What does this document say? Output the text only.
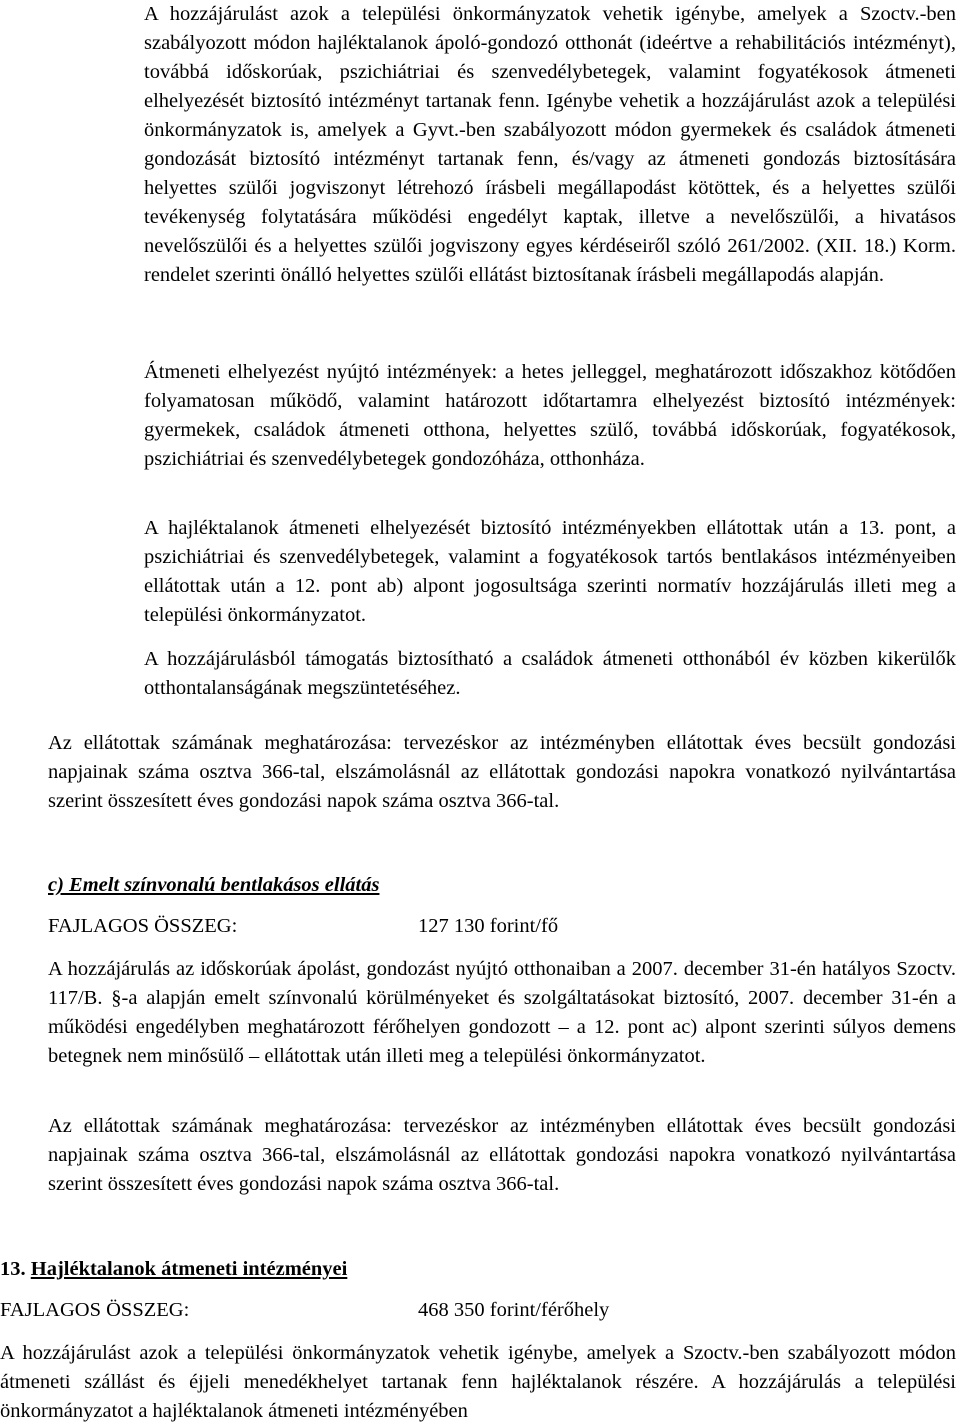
A hozzájárulást azok a települési önkormányzatok vehetik igénybe, amelyek a Szoctv.-ben szabályozott módon hajléktalanok ápoló-gondozó otthonát (ideértve a rehabilitációs intézményt), továbbá időskorúak, pszichiátriai és szenvedélybetegek, valamint fogyatékosok átmeneti elhelyezését biztosító intézményt tartanak fenn. Igénybe vehetik a hozzájárulást azok a települési önkormányzatok is, amelyek a Gyvt.-ben szabályozott módon gyermekek és családok átmeneti gondozását biztosító intézményt tartanak fenn, és/vagy az átmeneti gondozás biztosítására helyettes szülői jogviszonyt létrehozó írásbeli megállapodást kötöttek, és a helyettes szülői tevékenység folytatására működési engedélyt kaptak, illetve a nevelőszülői, a hivatásos nevelőszülői és a helyettes szülői jogviszony egyes kérdéseiről szóló 261/2002. (XII. 18.) Korm. rendelet szerinti önálló helyettes szülői ellátást biztosítanak írásbeli megállapodás alapján.

Átmeneti elhelyezést nyújtó intézmények: a hetes jelleggel, meghatározott időszakhoz kötődően folyamatosan működő, valamint határozott időtartamra elhelyezést biztosító intézmények: gyermekek, családok átmeneti otthona, helyettes szülő, továbbá időskorúak, fogyatékosok, pszichiátriai és szenvedélybetegek gondozóháza, otthonháza.

A hajléktalanok átmeneti elhelyezését biztosító intézményekben ellátottak után a 13. pont, a pszichiátriai és szenvedélybetegek, valamint a fogyatékosok tartós bentlakásos intézményeiben ellátottak után a 12. pont ab) alpont jogosultsága szerinti normatív hozzájárulás illeti meg a települési önkormányzatot.

A hozzájárulásból támogatás biztosítható a családok átmeneti otthonából év közben kikerülők otthontalanságának megszüntetéséhez.

Az ellátottak számának meghatározása: tervezéskor az intézményben ellátottak éves becsült gondozási napjainak száma osztva 366-tal, elszámolásnál az ellátottak gondozási napokra vonatkozó nyilvántartása szerint összesített éves gondozási napok száma osztva 366-tal.

c) Emelt színvonalú bentlakásos ellátás
FAJLAGOS ÖSSZEG:	127 130 forint/fő

A hozzájárulás az időskorúak ápolást, gondozást nyújtó otthonaiban a 2007. december 31-én hatályos Szoctv. 117/B. §-a alapján emelt színvonalú körülményeket és szolgáltatásokat biztosító, 2007. december 31-én a működési engedélyben meghatározott férőhelyen gondozott – a 12. pont ac) alpont szerinti súlyos demens betegnek nem minősülő – ellátottak után illeti meg a települési önkormányzatot.

Az ellátottak számának meghatározása: tervezéskor az intézményben ellátottak éves becsült gondozási napjainak száma osztva 366-tal, elszámolásnál az ellátottak gondozási napokra vonatkozó nyilvántartása szerint összesített éves gondozási napok száma osztva 366-tal.

13. Hajléktalanok átmeneti intézményei
FAJLAGOS ÖSSZEG:	468 350 forint/férőhely

A hozzájárulást azok a települési önkormányzatok vehetik igénybe, amelyek a Szoctv.-ben szabályozott módon átmeneti szállást és éjjeli menedékhelyet tartanak fenn hajléktalanok részére. A hozzájárulás a települési önkormányzatot a hajléktalanok átmeneti intézményében
